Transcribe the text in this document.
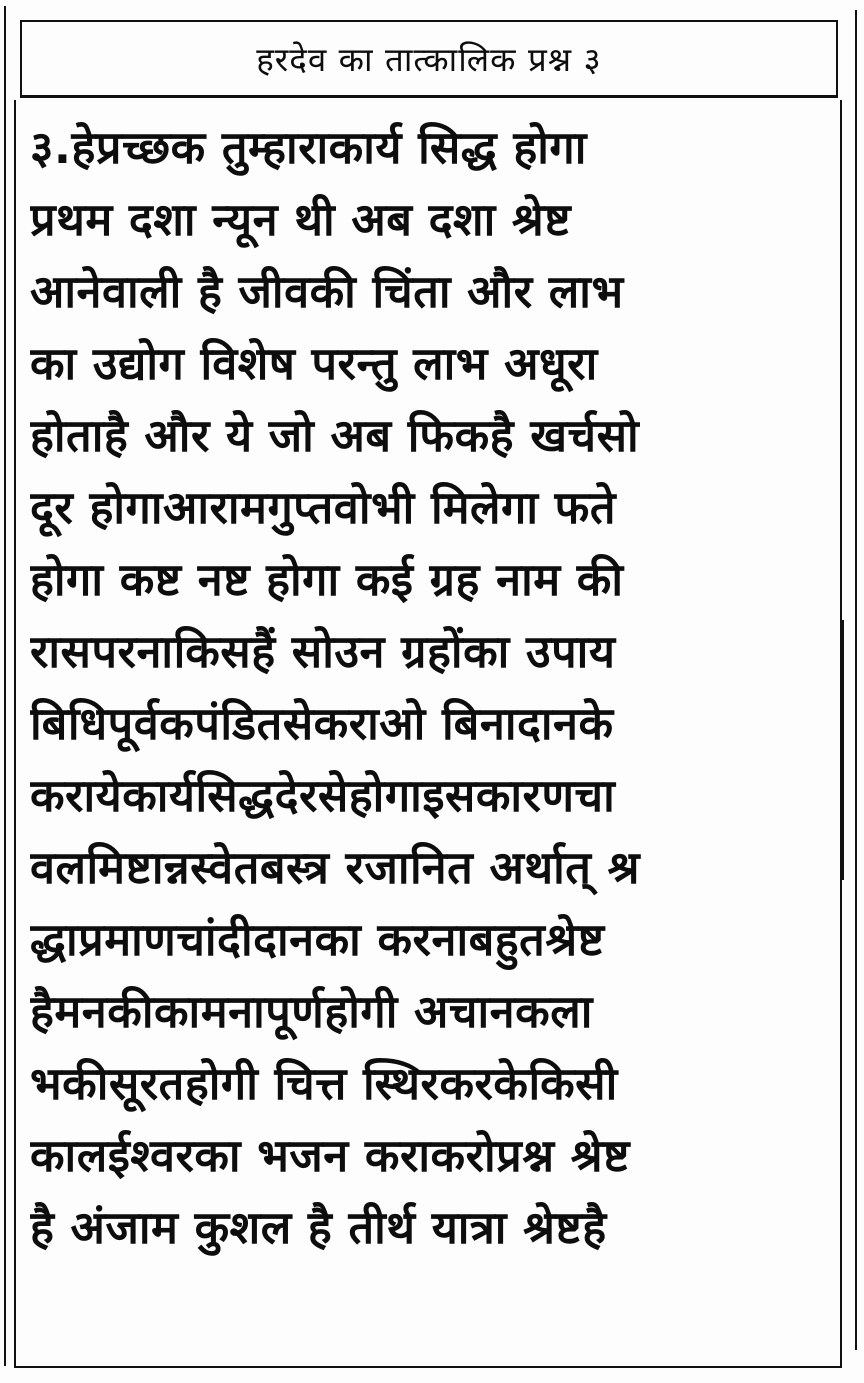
हरदेव का तात्कालिक प्रश्न ३
३.हेप्रच्छक तुम्हाराकार्य सिद्ध होगा
प्रथम दशा न्यून थी अब दशा श्रेष्ट
आनेवाली है जीवकी चिंता और लाभ
का उद्योग विशेष परन्तु लाभ अधूरा
होताहै और ये जो अब फिकहै खर्चसो
दूर होगाआरामगुप्तवोभी मिलेगा फते
होगा कष्ट नष्ट होगा कई ग्रह नाम की
रासपरनाकिसहैं सोउन ग्रहोंका उपाय
बिधिपूर्वकपंडितसेकराओ बिनादानके
करायेकार्यसिद्धदेरसेहोगाइसकारणचा
वलमिष्टान्नस्वेतबस्त्र रजानित अर्थात् श्र
द्धाप्रमाणचांदीदानका करनाबहुतश्रेष्ट
हैमनकीकामनापूर्णहोगी अचानकला
भकीसूरतहोगी चित्त स्थिरकरकेकिसी
कालईश्वरका भजन कराकरोप्रश्न श्रेष्ट
है अंजाम कुशल है तीर्थ यात्रा श्रेष्टहै
